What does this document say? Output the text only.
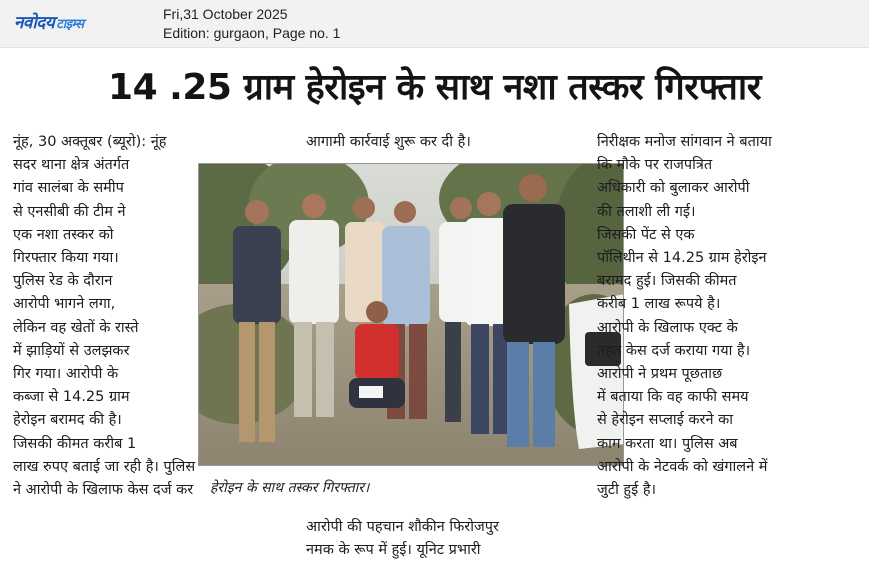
नवोदय टाइम्स
Fri,31 October 2025
Edition: gurgaon, Page no. 1
14 .25 ग्राम हेरोइन के साथ नशा तस्कर गिरफ्तार
नूंह, 30 अक्तूबर (ब्यूरो): नूंह
सदर थाना क्षेत्र अंतर्गत
गांव सालंबा के समीप
से एनसीबी की टीम ने
एक नशा तस्कर को
गिरफ्तार किया गया।
पुलिस रेड के दौरान
आरोपी भागने लगा,
लेकिन वह खेतों के रास्ते
में झाड़ियों से उलझकर
गिर गया। आरोपी के
कब्जा से 14.25 ग्राम
हेरोइन बरामद की है।
जिसकी कीमत करीब 1
लाख रुपए बताई जा रही है। पुलिस
ने आरोपी के खिलाफ केस दर्ज कर
आगामी कार्रवाई शुरू कर दी है।
हेरोइन के साथ तस्कर गिरफ्तार।
आरोपी की पहचान शौकीन फिरोजपुर
नमक के रूप में हुई। यूनिट प्रभारी
निरीक्षक मनोज सांगवान ने बताया
कि मौके पर राजपत्रित
अधिकारी को बुलाकर आरोपी
की तलाशी ली गई।
जिसकी पेंट से एक
पॉलिथीन से 14.25 ग्राम हेरोइन
बरामद हुई। जिसकी कीमत
करीब 1 लाख रूपये है।
आरोपी के खिलाफ एक्ट के
तहत केस दर्ज कराया गया है।
आरोपी ने प्रथम पूछताछ
में बताया कि वह काफी समय
से हेरोइन सप्लाई करने का
काम करता था। पुलिस अब
आरोपी के नेटवर्क को खंगालने में
जुटी हुई है।
